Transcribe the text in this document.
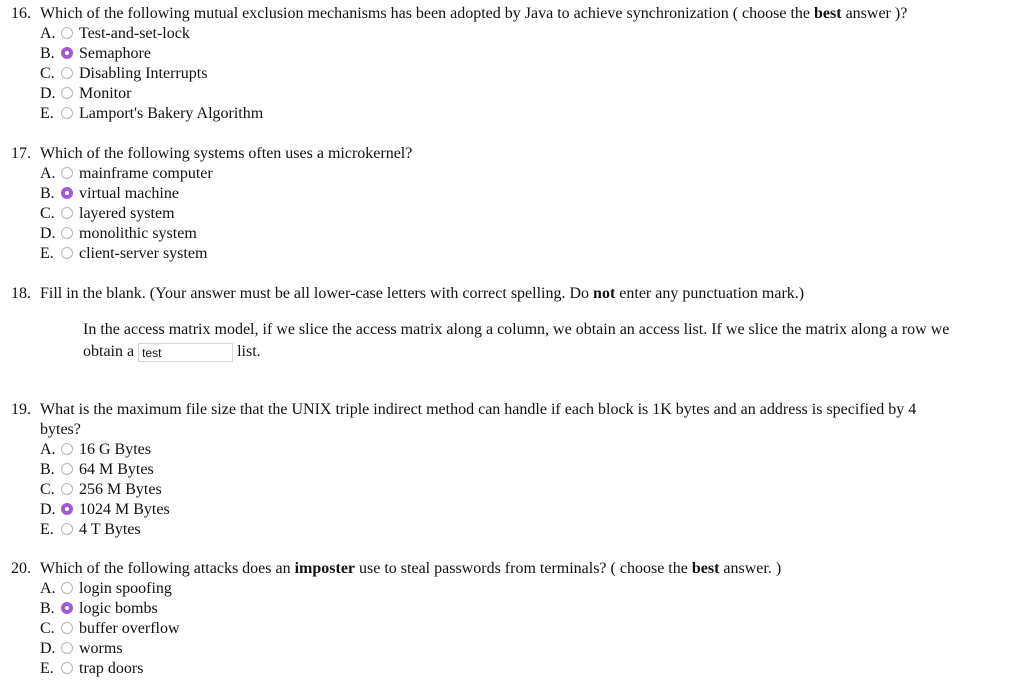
16. Which of the following mutual exclusion mechanisms has been adopted by Java to achieve synchronization ( choose the best answer )?
A. Test-and-set-lock
B. Semaphore
C. Disabling Interrupts
D. Monitor
E. Lamport's Bakery Algorithm
17. Which of the following systems often uses a microkernel?
A. mainframe computer
B. virtual machine
C. layered system
D. monolithic system
E. client-server system
18. Fill in the blank. (Your answer must be all lower-case letters with correct spelling. Do not enter any punctuation mark.)
In the access matrix model, if we slice the access matrix along a column, we obtain an access list. If we slice the matrix along a row we
obtain a test	list.
19. What is the maximum file size that the UNIX triple indirect method can handle if each block is 1K bytes and an address is specified by 4
bytes?
A. 16 G Bytes
B. 64 M Bytes
C. 256 M Bytes
D. 1024 M Bytes
E. 4 T Bytes
20. Which of the following attacks does an imposter use to steal passwords from terminals? ( choose the best answer. )
A. login spoofing
B. logic bombs
C. buffer overflow
D. worms
E. trap doors
